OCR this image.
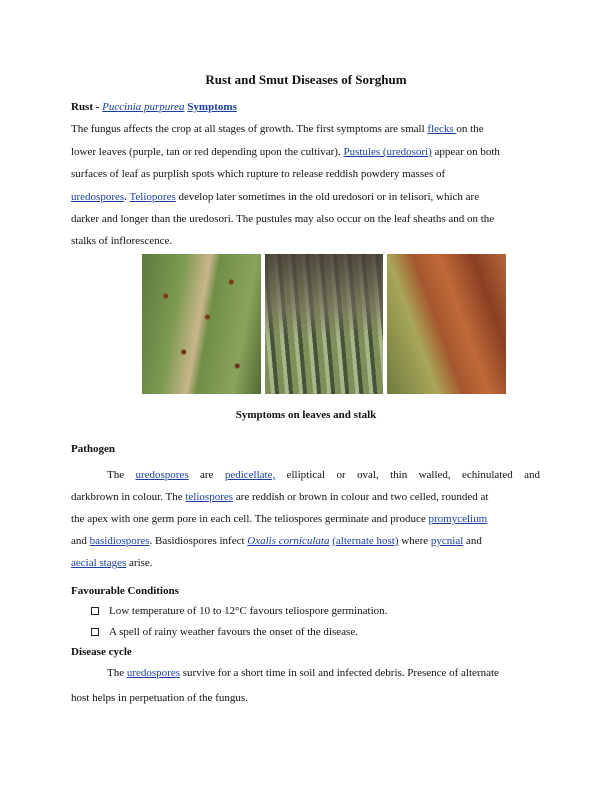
Rust and Smut Diseases of Sorghum
Rust - Puccinia purpurea Symptoms
The fungus affects the crop at all stages of growth. The first symptoms are small flecks on the
lower leaves (purple, tan or red depending upon the cultivar). Pustules (uredosori) appear on both
surfaces of leaf as purplish spots which rupture to release reddish powdery masses of
uredospores. Teliopores develop later sometimes in the old uredosori or in telisori, which are
darker and longer than the uredosori. The pustules may also occur on the leaf sheaths and on the
stalks of inflorescence.
Symptoms on leaves and stalk
Pathogen
The uredospores are pedicellate, elliptical or oval, thin walled, echinulated and
darkbrown in colour. The teliospores are reddish or brown in colour and two celled, rounded at
the apex with one germ pore in each cell. The teliospores germinate and produce promycelium
and basidiospores. Basidiospores infect Oxalis corniculata (alternate host) where pycnial and
aecial stages arise.
Favourable Conditions
Low temperature of 10 to 12°C favours teliospore germination.
A spell of rainy weather favours the onset of the disease.
Disease cycle
The uredospores survive for a short time in soil and infected debris. Presence of alternate
host helps in perpetuation of the fungus.
